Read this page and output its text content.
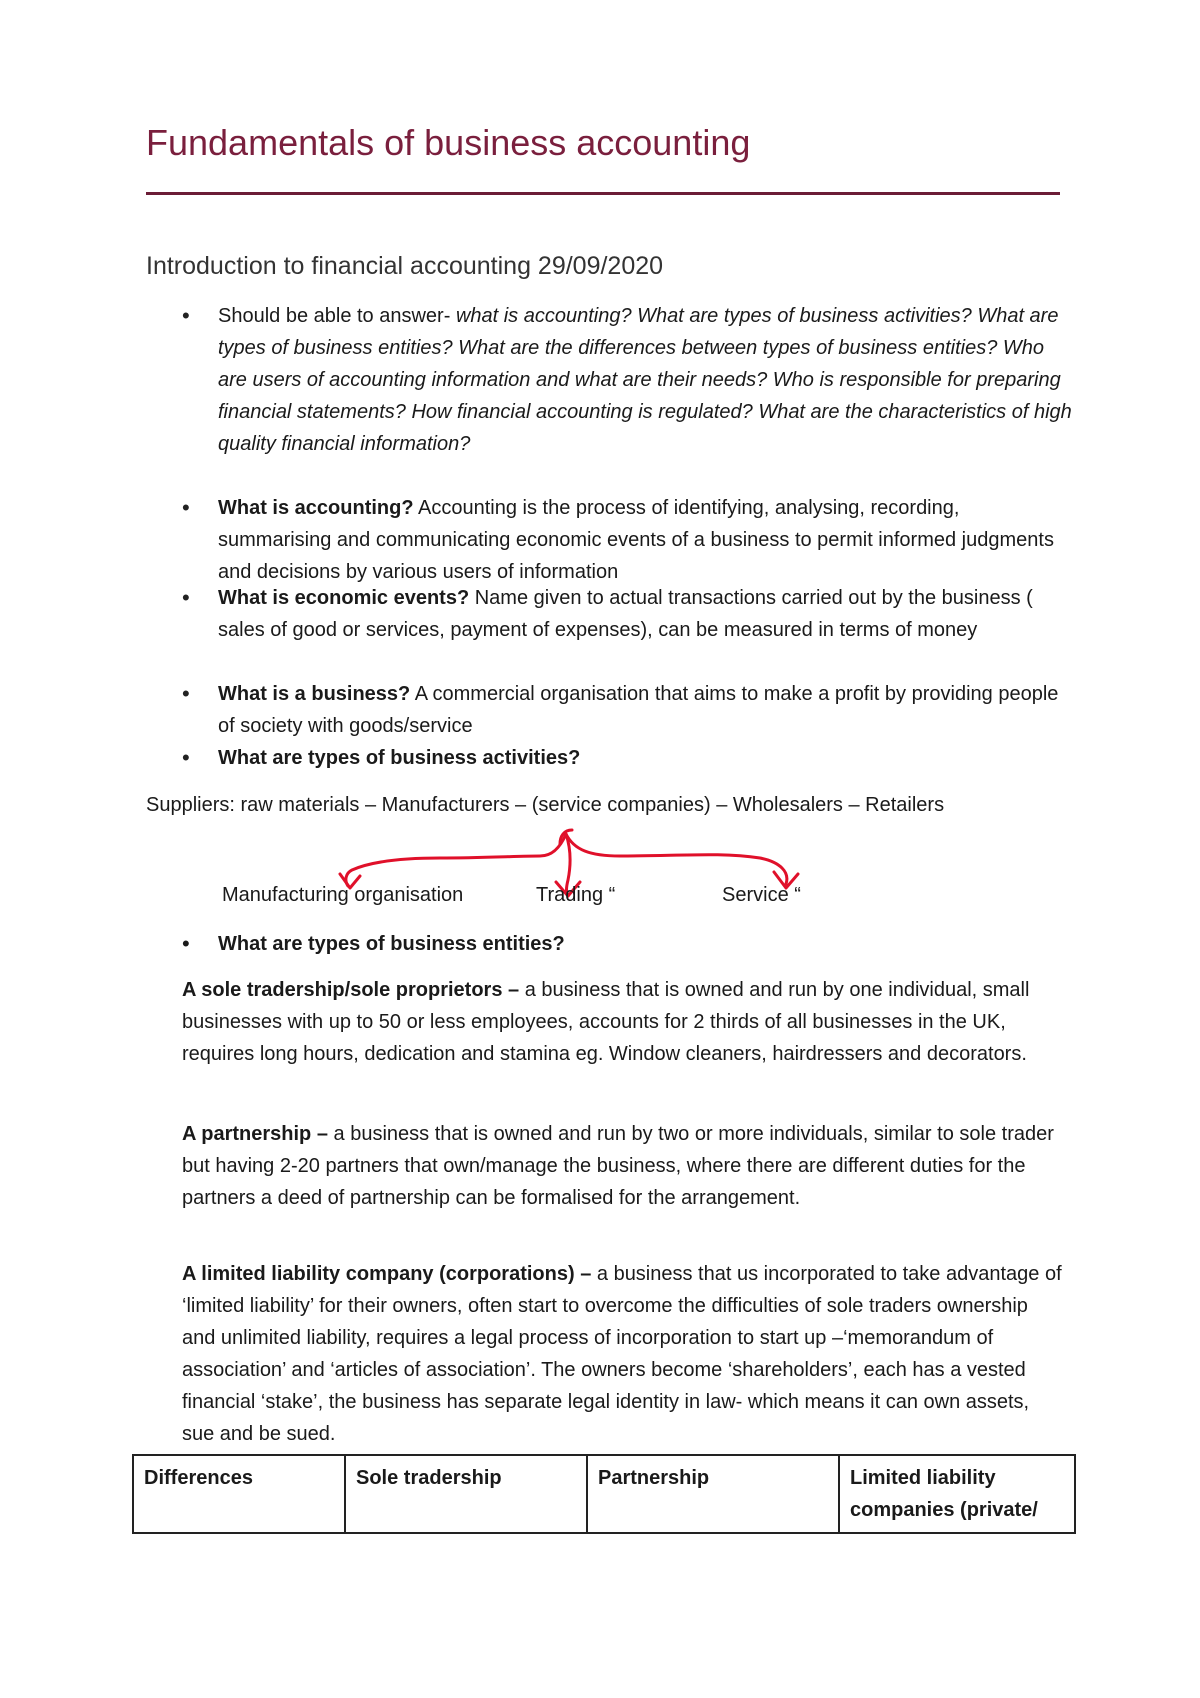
Fundamentals of business accounting
Introduction to financial accounting 29/09/2020
• Should be able to answer- what is accounting? What are types of business activities? What are types of business entities? What are the differences between types of business entities? Who are users of accounting information and what are their needs? Who is responsible for preparing financial statements? How financial accounting is regulated? What are the characteristics of high quality financial information?
• What is accounting? Accounting is the process of identifying, analysing, recording, summarising and communicating economic events of a business to permit informed judgments and decisions by various users of information
• What is economic events? Name given to actual transactions carried out by the business ( sales of good or services, payment of expenses), can be measured in terms of money
• What is a business? A commercial organisation that aims to make a profit by providing people of society with goods/service
• What are types of business activities?
Suppliers: raw materials – Manufacturers – (service companies) – Wholesalers – Retailers
Manufacturing organisation	Trading “	Service “
• What are types of business entities?
A sole tradership/sole proprietors – a business that is owned and run by one individual, small businesses with up to 50 or less employees, accounts for 2 thirds of all businesses in the UK, requires long hours, dedication and stamina eg. Window cleaners, hairdressers and decorators.
A partnership – a business that is owned and run by two or more individuals, similar to sole trader but having 2-20 partners that own/manage the business, where there are different duties for the partners a deed of partnership can be formalised for the arrangement.
A limited liability company (corporations) – a business that us incorporated to take advantage of ‘limited liability’ for their owners, often start to overcome the difficulties of sole traders ownership and unlimited liability, requires a legal process of incorporation to start up –‘memorandum of association’ and ‘articles of association’. The owners become ‘shareholders’, each has a vested financial ‘stake’, the business has separate legal identity in law- which means it can own assets, sue and be sued.
Differences	Sole tradership	Partnership	Limited liability companies (private/
